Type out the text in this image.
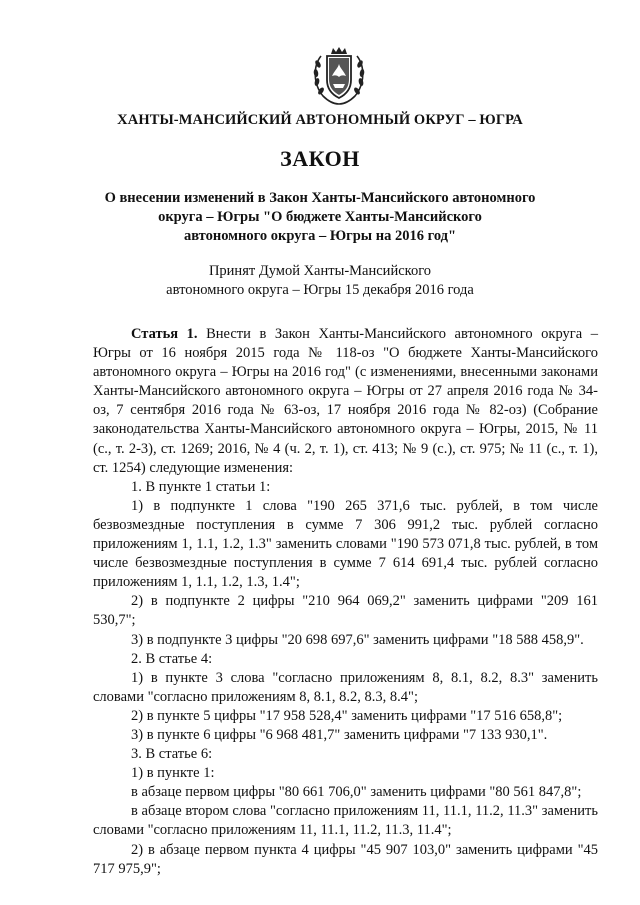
ХАНТЫ-МАНСИЙСКИЙ АВТОНОМНЫЙ ОКРУГ – ЮГРА
ЗАКОН
О внесении изменений в Закон Ханты-Мансийского автономного
округа – Югры "О бюджете Ханты-Мансийского
автономного округа – Югры на 2016 год"
Принят Думой Ханты-Мансийского
автономного округа – Югры 15 декабря 2016 года

Статья 1. Внести в Закон Ханты-Мансийского автономного округа – Югры от 16 ноября 2015 года № 118-оз "О бюджете Ханты-Мансийского автономного округа – Югры на 2016 год" (с изменениями, внесенными законами Ханты-Мансийского автономного округа – Югры от 27 апреля 2016 года № 34-оз, 7 сентября 2016 года № 63-оз, 17 ноября 2016 года № 82-оз) (Собрание законодательства Ханты-Мансийского автономного округа – Югры, 2015, № 11 (с., т. 2-3), ст. 1269; 2016, № 4 (ч. 2, т. 1), ст. 413; № 9 (с.), ст. 975; № 11 (с., т. 1), ст. 1254) следующие изменения:

1. В пункте 1 статьи 1:

1) в подпункте 1 слова "190 265 371,6 тыс. рублей, в том числе безвозмездные поступления в сумме 7 306 991,2 тыс. рублей согласно приложениям 1, 1.1, 1.2, 1.3" заменить словами "190 573 071,8 тыс. рублей, в том числе безвозмездные поступления в сумме 7 614 691,4 тыс. рублей согласно приложениям 1, 1.1, 1.2, 1.3, 1.4";

2) в подпункте 2 цифры "210 964 069,2" заменить цифрами "209 161 530,7";

3) в подпункте 3 цифры "20 698 697,6" заменить цифрами "18 588 458,9".

2. В статье 4:

1) в пункте 3 слова "согласно приложениям 8, 8.1, 8.2, 8.3" заменить словами "согласно приложениям 8, 8.1, 8.2, 8.3, 8.4";

2) в пункте 5 цифры "17 958 528,4" заменить цифрами "17 516 658,8";

3) в пункте 6 цифры "6 968 481,7" заменить цифрами "7 133 930,1".

3. В статье 6:

1) в пункте 1:

в абзаце первом цифры "80 661 706,0" заменить цифрами "80 561 847,8";

в абзаце втором слова "согласно приложениям 11, 11.1, 11.2, 11.3" заменить словами "согласно приложениям 11, 11.1, 11.2, 11.3, 11.4";

2) в абзаце первом пункта 4 цифры "45 907 103,0" заменить цифрами "45 717 975,9";
